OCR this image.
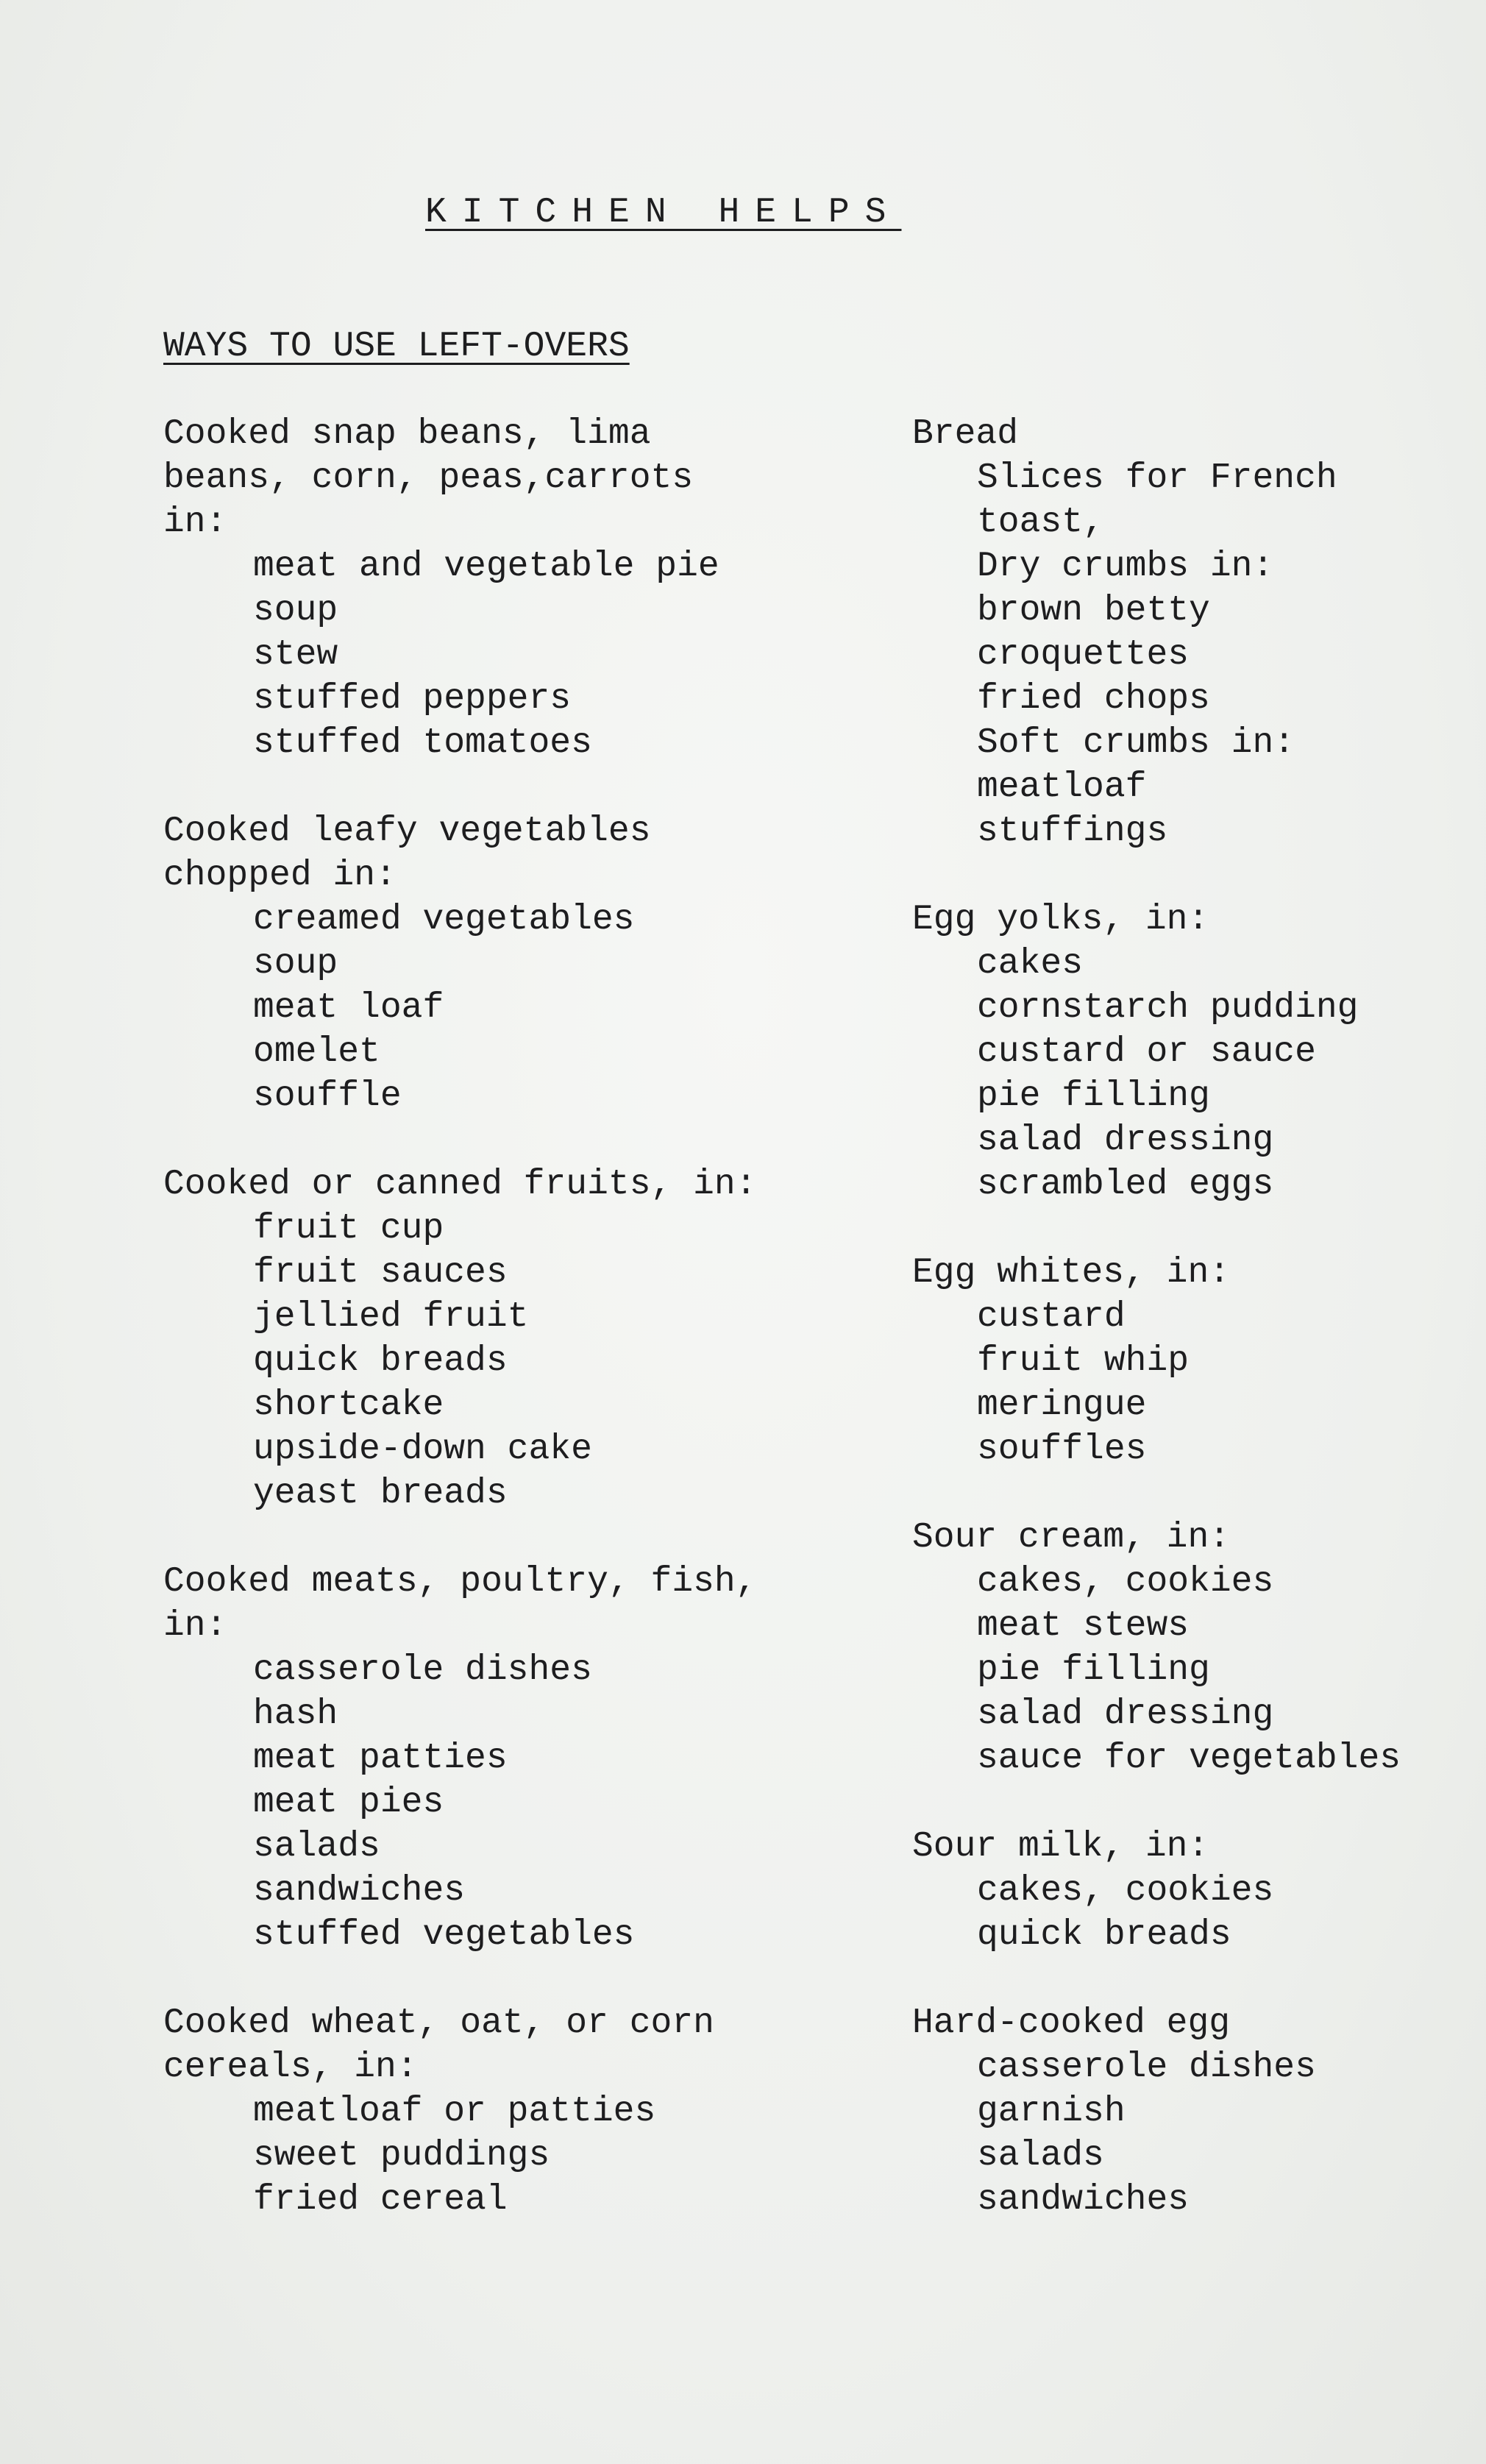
KITCHEN HELPS
WAYS TO USE LEFT-OVERS
Cooked snap beans, lima
beans, corn, peas,carrots
in:
meat and vegetable pie
soup
stew
stuffed peppers
stuffed tomatoes
Cooked leafy vegetables
chopped in:
creamed vegetables
soup
meat loaf
omelet
souffle
Cooked or canned fruits, in:
fruit cup
fruit sauces
jellied fruit
quick breads
shortcake
upside-down cake
yeast breads
Cooked meats, poultry, fish,
in:
casserole dishes
hash
meat patties
meat pies
salads
sandwiches
stuffed vegetables
Cooked wheat, oat, or corn
cereals, in:
meatloaf or patties
sweet puddings
fried cereal
Bread
Slices for French
toast,
Dry crumbs in:
brown betty
croquettes
fried chops
Soft crumbs in:
meatloaf
stuffings
Egg yolks, in:
cakes
cornstarch pudding
custard or sauce
pie filling
salad dressing
scrambled eggs
Egg whites, in:
custard
fruit whip
meringue
souffles
Sour cream, in:
cakes, cookies
meat stews
pie filling
salad dressing
sauce for vegetables
Sour milk, in:
cakes, cookies
quick breads
Hard-cooked egg
casserole dishes
garnish
salads
sandwiches
